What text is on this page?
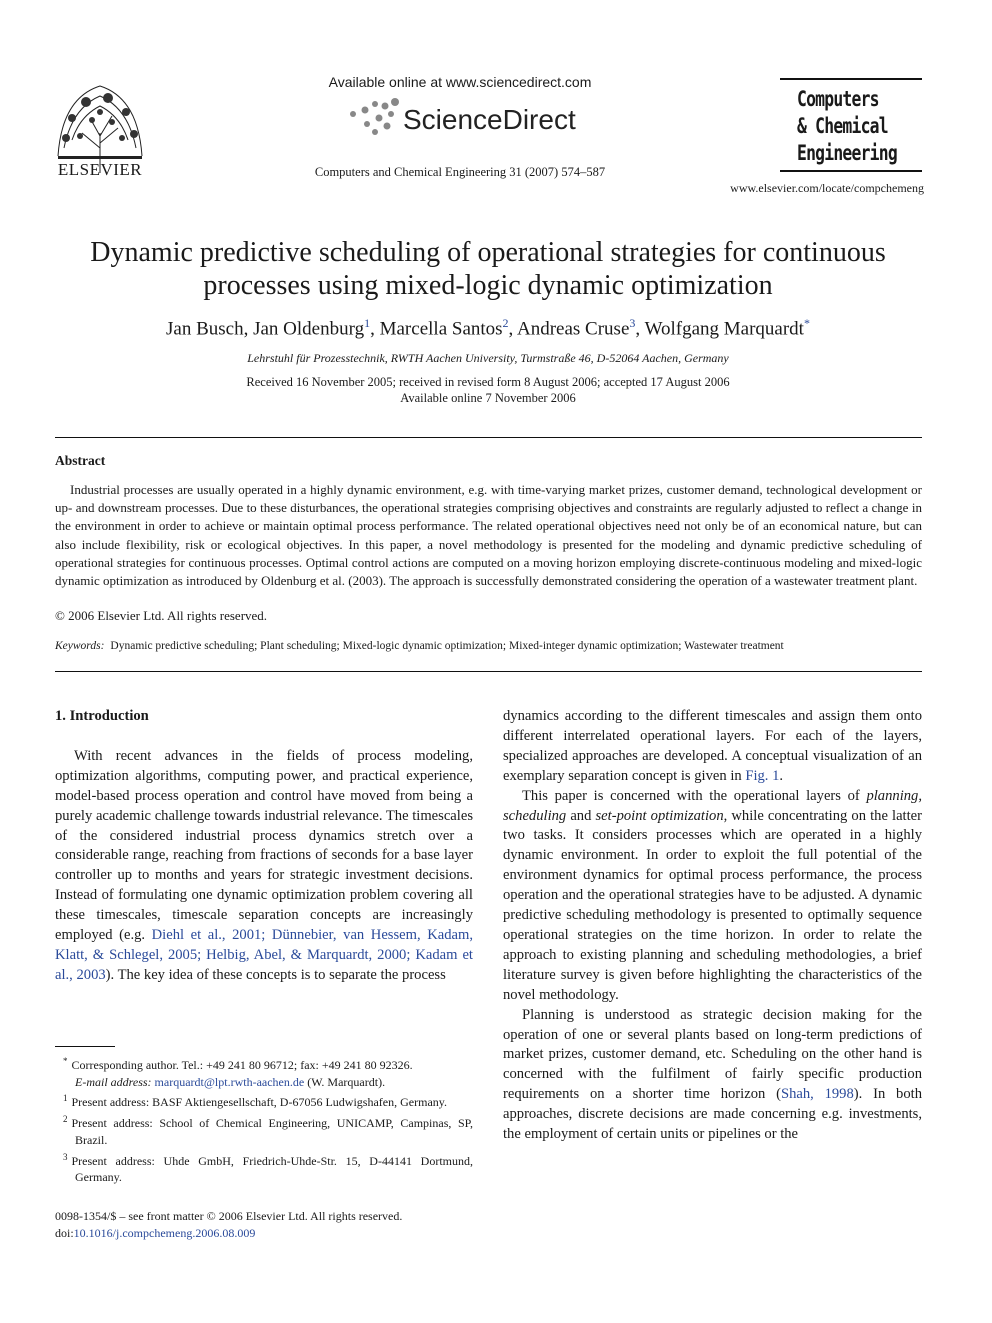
ELSEVIER
Available online at www.sciencedirect.com
ScienceDirect
Computers and Chemical Engineering 31 (2007) 574–587
Computers
& Chemical
Engineering
www.elsevier.com/locate/compchemeng
Dynamic predictive scheduling of operational strategies for continuous processes using mixed-logic dynamic optimization
Jan Busch, Jan Oldenburg$^1$, Marcella Santos$^2$, Andreas Cruse$^3$, Wolfgang Marquardt*
Lehrstuhl für Prozesstechnik, RWTH Aachen University, Turmstraße 46, D-52064 Aachen, Germany
Received 16 November 2005; received in revised form 8 August 2006; accepted 17 August 2006
Available online 7 November 2006
Abstract
Industrial processes are usually operated in a highly dynamic environment, e.g. with time-varying market prizes, customer demand, technological development or up- and downstream processes. Due to these disturbances, the operational strategies comprising objectives and constraints are regularly adjusted to reflect a change in the environment in order to achieve or maintain optimal process performance. The related operational objectives need not only be of an economical nature, but can also include flexibility, risk or ecological objectives. In this paper, a novel methodology is presented for the modeling and dynamic predictive scheduling of operational strategies for continuous processes. Optimal control actions are computed on a moving horizon employing discrete-continuous modeling and mixed-logic dynamic optimization as introduced by Oldenburg et al. (2003). The approach is successfully demonstrated considering the operation of a wastewater treatment plant.
© 2006 Elsevier Ltd. All rights reserved.
Keywords: Dynamic predictive scheduling; Plant scheduling; Mixed-logic dynamic optimization; Mixed-integer dynamic optimization; Wastewater treatment

1. Introduction

With recent advances in the fields of process modeling, optimization algorithms, computing power, and practical experience, model-based process operation and control have moved from being a purely academic challenge towards industrial relevance. The timescales of the considered industrial process dynamics stretch over a considerable range, reaching from fractions of seconds for a base layer controller up to months and years for strategic investment decisions. Instead of formulating one dynamic optimization problem covering all these timescales, timescale separation concepts are increasingly employed (e.g. Diehl et al., 2001; Dünnebier, van Hessem, Kadam, Klatt, & Schlegel, 2005; Helbig, Abel, & Marquardt, 2000; Kadam et al., 2003). The key idea of these concepts is to separate the process

dynamics according to the different timescales and assign them onto different interrelated operational layers. For each of the layers, specialized approaches are developed. A conceptual visualization of an exemplary separation concept is given in Fig. 1.

This paper is concerned with the operational layers of planning, scheduling and set-point optimization, while concentrating on the latter two tasks. It considers processes which are operated in a highly dynamic environment. In order to exploit the full potential of the environment dynamics for optimal process performance, the process operation and the operational strategies have to be adjusted. A dynamic predictive scheduling methodology is presented to optimally sequence operational strategies on the time horizon. In order to relate the approach to existing planning and scheduling methodologies, a brief literature survey is given before highlighting the characteristics of the novel methodology.

Planning is understood as strategic decision making for the operation of one or several plants based on long-term predictions of market prizes, customer demand, etc. Scheduling on the other hand is concerned with the fulfilment of fairly specific production requirements on a shorter time horizon (Shah, 1998). In both approaches, discrete decisions are made concerning e.g. investments, the employment of certain units or pipelines or the

* Corresponding author. Tel.: +49 241 80 96712; fax: +49 241 80 92326.

E-mail address: marquardt@lpt.rwth-aachen.de (W. Marquardt).

$^1$ Present address: BASF Aktiengesellschaft, D-67056 Ludwigshafen, Germany.

$^2$ Present address: School of Chemical Engineering, UNICAMP, Campinas, SP, Brazil.

$^3$ Present address: Uhde GmbH, Friedrich-Uhde-Str. 15, D-44141 Dortmund, Germany.

0098-1354/$ – see front matter © 2006 Elsevier Ltd. All rights reserved.
doi:10.1016/j.compchemeng.2006.08.009
